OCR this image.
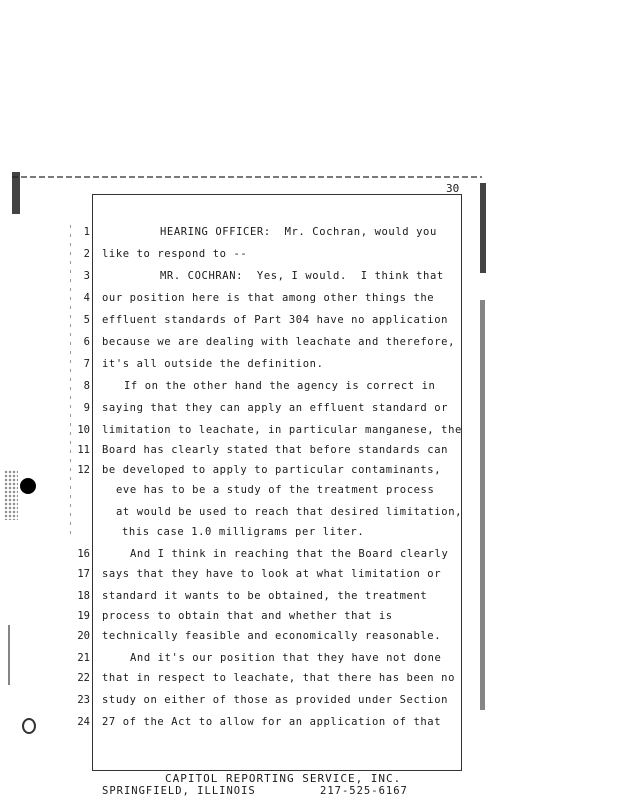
30
1	HEARING OFFICER:  Mr. Cochran, would you
2 like to respond to --
3	MR. COCHRAN:  Yes, I would.  I think that
4 our position here is that among other things the
5 effluent standards of Part 304 have no application
6 because we are dealing with leachate and therefore,
7 it's all outside the definition.
8	If on the other hand the agency is correct in
9 saying that they can apply an effluent standard or
10 limitation to leachate, in particular manganese, the
11 Board has clearly stated that before standards can
12 be developed to apply to particular contaminants,
eve has to be a study of the treatment process
at would be used to reach that desired limitation,
this case 1.0 milligrams per liter.
16	And I think in reaching that the Board clearly
17 says that they have to look at what limitation or
18 standard it wants to be obtained, the treatment
19 process to obtain that and whether that is
20 technically feasible and economically reasonable.
21	And it's our position that they have not done
22 that in respect to leachate, that there has been no
23 study on either of those as provided under Section
24 27 of the Act to allow for an application of that
CAPITOL REPORTING SERVICE, INC.
SPRINGFIELD, ILLINOIS	217-525-6167
